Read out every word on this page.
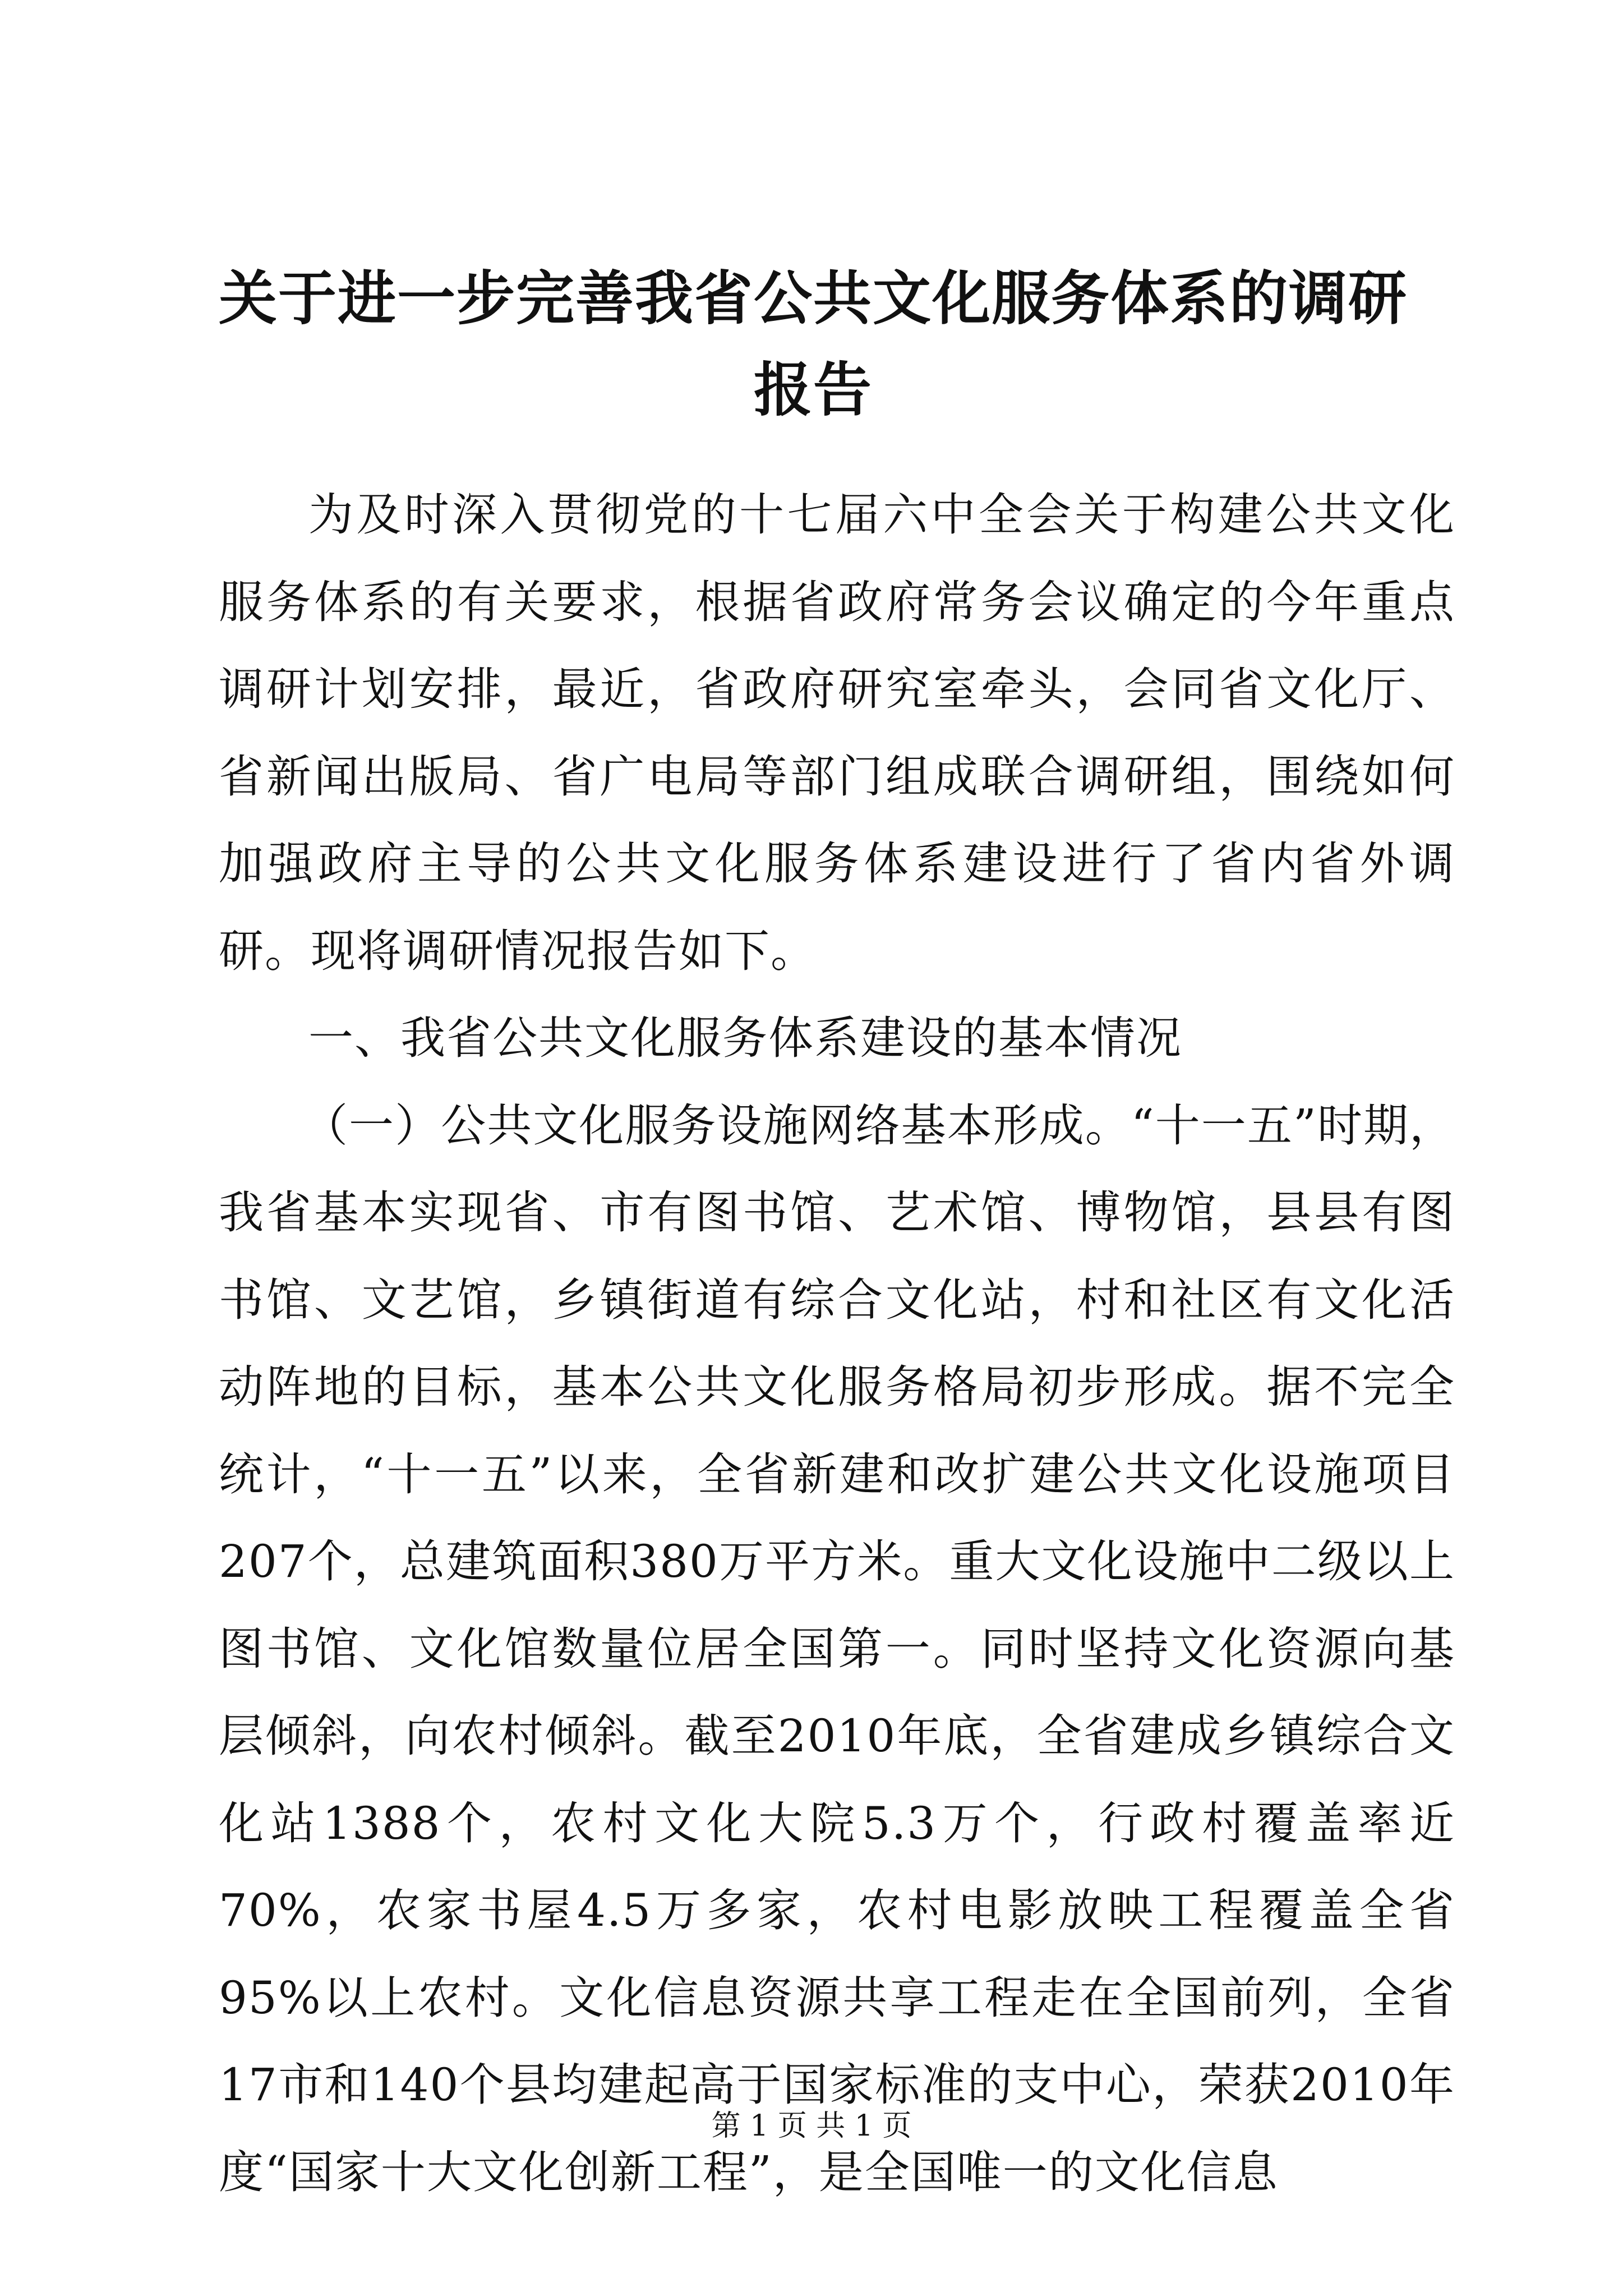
关于进一步完善我省公共文化服务体系的调研
报告

为及时深入贯彻党的十七届六中全会关于构建公共文化服务体系的有关要求，根据省政府常务会议确定的今年重点调研计划安排，最近，省政府研究室牵头，会同省文化厅、省新闻出版局、省广电局等部门组成联合调研组，围绕如何加强政府主导的公共文化服务体系建设进行了省内省外调研。现将调研情况报告如下。

一、我省公共文化服务体系建设的基本情况

（一）公共文化服务设施网络基本形成。“十一五”时期，我省基本实现省、市有图书馆、艺术馆、博物馆，县县有图书馆、文艺馆，乡镇街道有综合文化站，村和社区有文化活动阵地的目标，基本公共文化服务格局初步形成。据不完全统计，“十一五”以来，全省新建和改扩建公共文化设施项目207个，总建筑面积380万平方米。重大文化设施中二级以上图书馆、文化馆数量位居全国第一。同时坚持文化资源向基层倾斜，向农村倾斜。截至2010年底，全省建成乡镇综合文化站1388个，农村文化大院5.3万个，行政村覆盖率近70%，农家书屋4.5万多家，农村电影放映工程覆盖全省95%以上农村。文化信息资源共享工程走在全国前列，全省17市和140个县均建起高于国家标准的支中心，荣获2010年度“国家十大文化创新工程”，是全国唯一的文化信息

第 1 页 共 1 页
